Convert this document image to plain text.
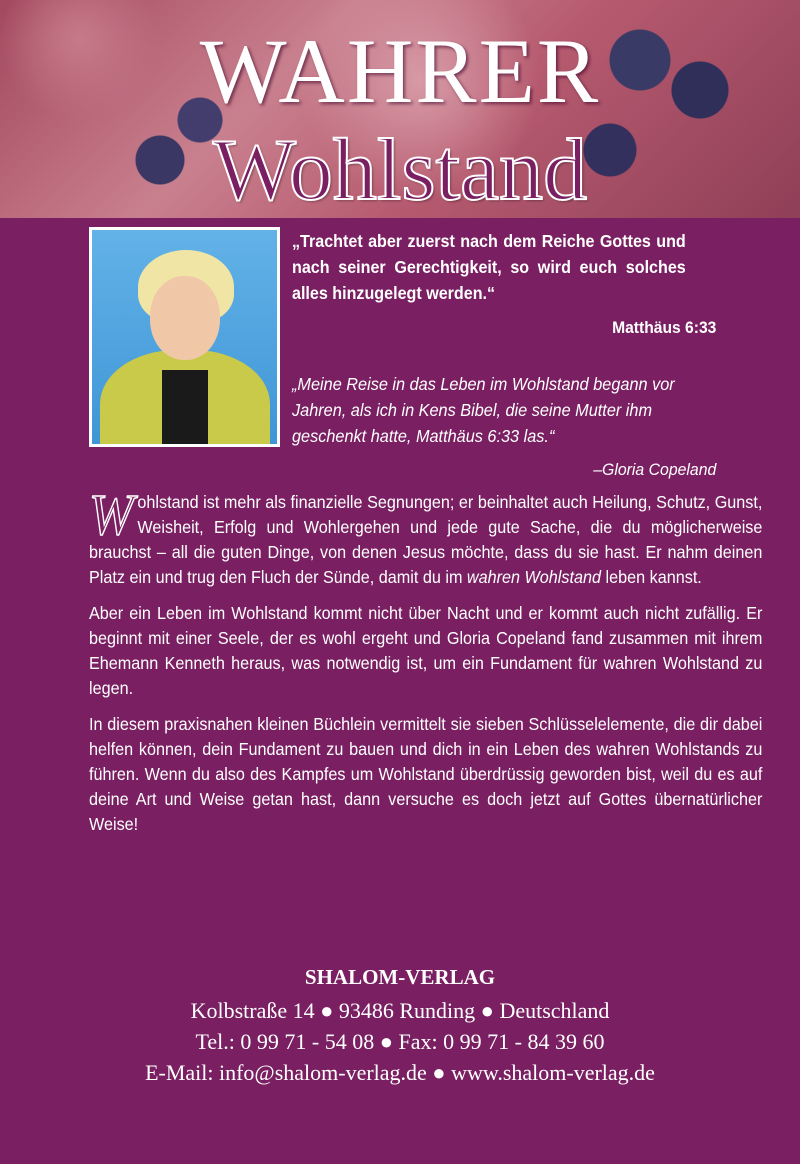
WAHRER
Wohlstand
„Trachtet aber zuerst nach dem Reiche Gottes und nach seiner Gerechtigkeit, so wird euch solches alles hinzugelegt werden.“
Matthäus 6:33
„Meine Reise in das Leben im Wohlstand begann vor Jahren, als ich in Kens Bibel, die seine Mutter ihm geschenkt hatte, Matthäus 6:33 las.“
–Gloria Copeland

Wohlstand ist mehr als finanzielle Segnungen; er beinhaltet auch Heilung, Schutz, Gunst, Weisheit, Erfolg und Wohlergehen und jede gute Sache, die du möglicherweise brauchst – all die guten Dinge, von denen Jesus möchte, dass du sie hast. Er nahm deinen Platz ein und trug den Fluch der Sünde, damit du im wahren Wohlstand leben kannst.

Aber ein Leben im Wohlstand kommt nicht über Nacht und er kommt auch nicht zufällig. Er beginnt mit einer Seele, der es wohl ergeht und Gloria Copeland fand zusammen mit ihrem Ehemann Kenneth heraus, was notwendig ist, um ein Fundament für wahren Wohlstand zu legen.

In diesem praxisnahen kleinen Büchlein vermittelt sie sieben Schlüsselelemente, die dir dabei helfen können, dein Fundament zu bauen und dich in ein Leben des wahren Wohlstands zu führen. Wenn du also des Kampfes um Wohlstand überdrüssig geworden bist, weil du es auf deine Art und Weise getan hast, dann versuche es doch jetzt auf Gottes übernatürlicher Weise!

SHALOM-VERLAG
Kolbstraße 14 ● 93486 Runding ● Deutschland
Tel.: 0 99 71 - 54 08 ● Fax: 0 99 71 - 84 39 60
E-Mail: info@shalom-verlag.de ● www.shalom-verlag.de
